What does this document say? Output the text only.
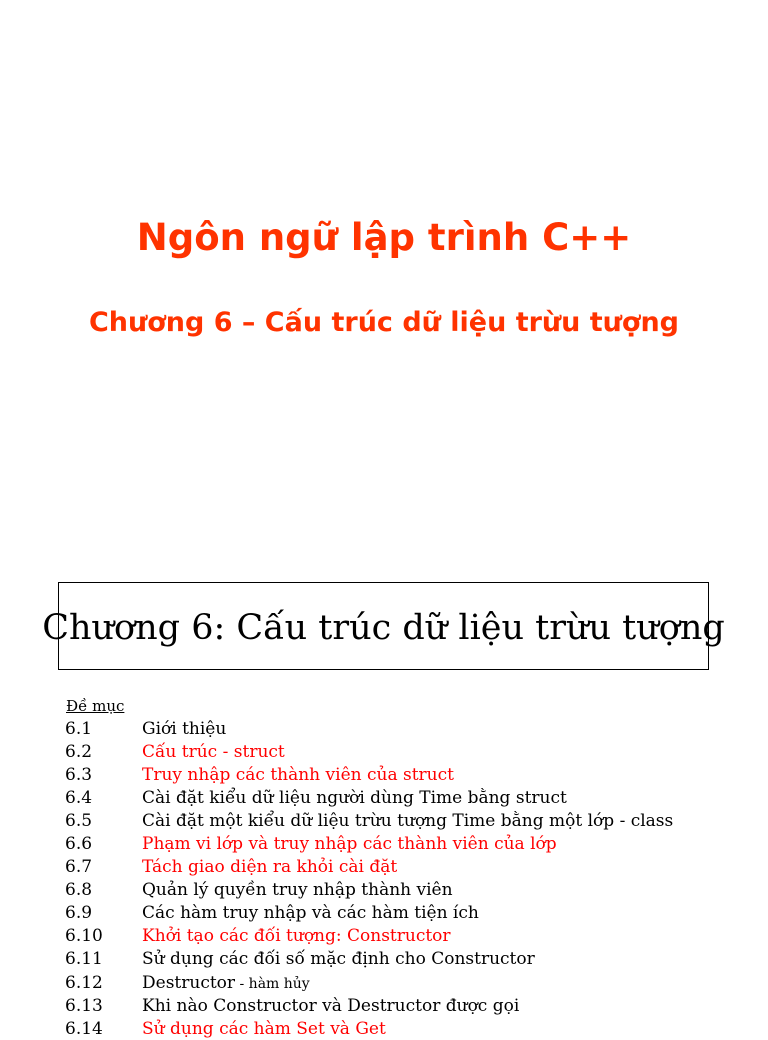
Ngôn ngữ lập trình C++
Chương 6 – Cấu trúc dữ liệu trừu tượng

Chương 6: Cấu trúc dữ liệu trừu tượng

Đề mục
6.1	Giới thiệu
6.2	Cấu trúc - struct
6.3	Truy nhập các thành viên của struct
6.4	Cài đặt kiểu dữ liệu người dùng Time bằng struct
6.5	Cài đặt một kiểu dữ liệu trừu tượng Time bằng một lớp - class
6.6	Phạm vi lớp và truy nhập các thành viên của lớp
6.7	Tách giao diện ra khỏi cài đặt
6.8	Quản lý quyền truy nhập thành viên
6.9	Các hàm truy nhập và các hàm tiện ích
6.10	Khởi tạo các đối tượng: Constructor
6.11	Sử dụng các đối số mặc định cho Constructor
6.12	Destructor - hàm hủy
6.13	Khi nào Constructor và Destructor được gọi
6.14	Sử dụng các hàm Set và Get
